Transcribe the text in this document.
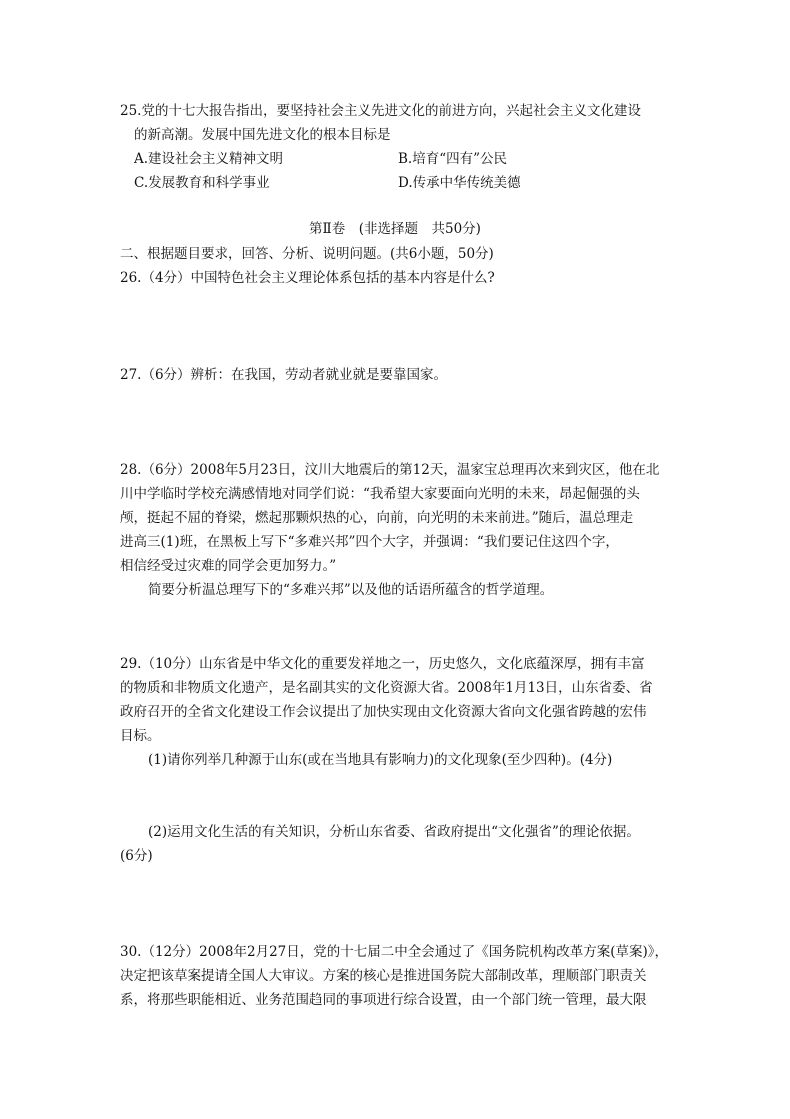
25.党的十七大报告指出，要坚持社会主义先进文化的前进方向，兴起社会主义文化建设
的新高潮。发展中国先进文化的根本目标是
A.建设社会主义精神文明	B.培育“四有”公民
C.发展教育和科学事业	D.传承中华传统美德
第Ⅱ卷　(非选择题　共50分)
二、根据题目要求，回答、分析、说明问题。(共6小题，50分)
26.（4分）中国特色社会主义理论体系包括的基本内容是什么?
27.（6分）辨析：在我国，劳动者就业就是要靠国家。
28.（6分）2008年5月23日，汶川大地震后的第12天，温家宝总理再次来到灾区，他在北
川中学临时学校充满感情地对同学们说：“我希望大家要面向光明的未来，昂起倔强的头
颅，挺起不屈的脊梁，燃起那颗炽热的心，向前，向光明的未来前进。”随后，温总理走
进高三(1)班，在黑板上写下“多难兴邦”四个大字，并强调：“我们要记住这四个字，
相信经受过灾难的同学会更加努力。”
简要分析温总理写下的“多难兴邦”以及他的话语所蕴含的哲学道理。
29.（10分）山东省是中华文化的重要发祥地之一，历史悠久，文化底蕴深厚，拥有丰富
的物质和非物质文化遗产，是名副其实的文化资源大省。2008年1月13日，山东省委、省
政府召开的全省文化建设工作会议提出了加快实现由文化资源大省向文化强省跨越的宏伟
目标。
(1)请你列举几种源于山东(或在当地具有影响力)的文化现象(至少四种)。(4分)
(2)运用文化生活的有关知识，分析山东省委、省政府提出“文化强省”的理论依据。
(6分)
30.（12分）2008年2月27日，党的十七届二中全会通过了《国务院机构改革方案(草案)》，
决定把该草案提请全国人大审议。方案的核心是推进国务院大部制改革，理顺部门职责关
系，将那些职能相近、业务范围趋同的事项进行综合设置，由一个部门统一管理，最大限
